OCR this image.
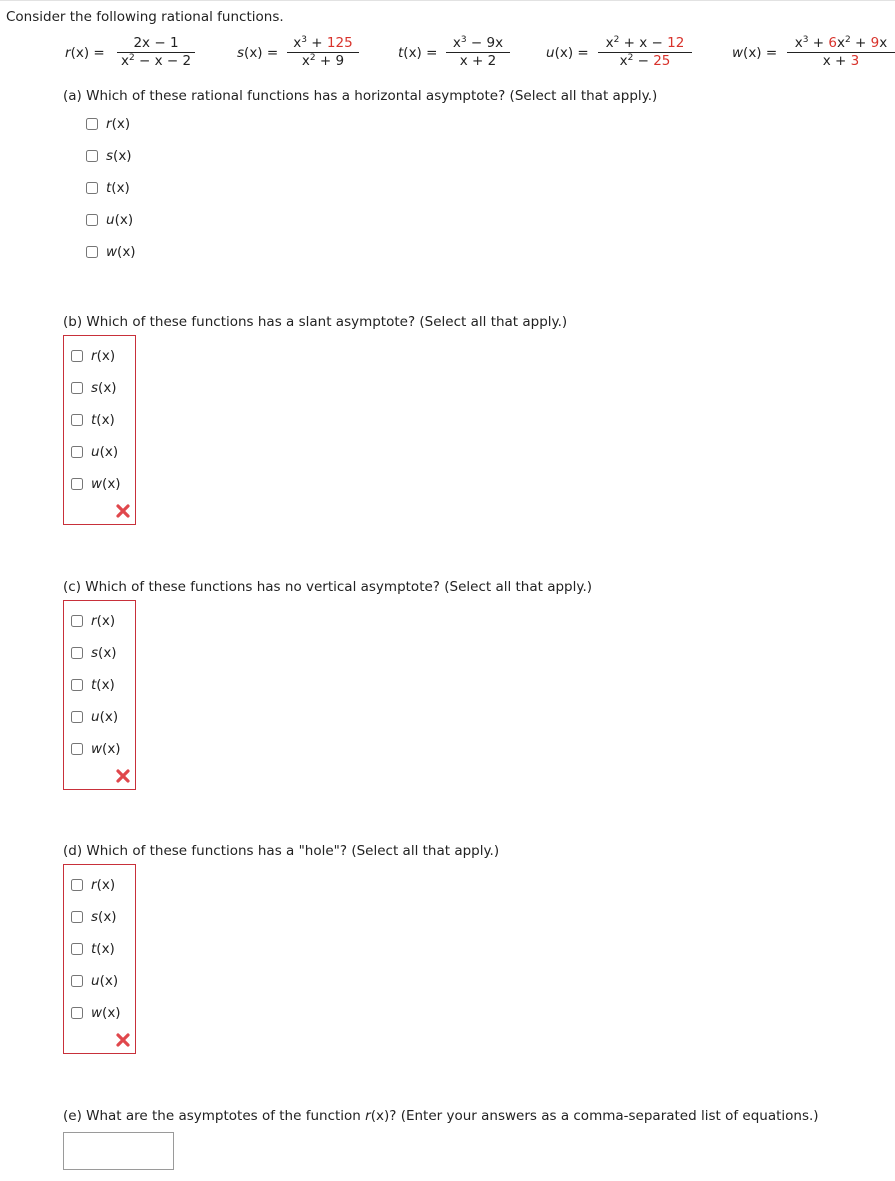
Consider the following rational functions.
$r(x) = \frac{2x - 1}{x^2 - x - 2}$	$s(x) = \frac{x^3 + 125}{x^2 + 9}$	$t(x) = \frac{x^3 - 9x}{x + 2}$	$u(x) = \frac{x^2 + x - 12}{x^2 - 25}$	$w(x) = \frac{x^3 + 6x^2 + 9x}{x + 3}$
(a) Which of these rational functions has a horizontal asymptote? (Select all that apply.)
r(x)
s(x)
t(x)
u(x)
w(x)
(b) Which of these functions has a slant asymptote? (Select all that apply.)
r(x)
s(x)
t(x)
u(x)
w(x)
(c) Which of these functions has no vertical asymptote? (Select all that apply.)
r(x)
s(x)
t(x)
u(x)
w(x)
(d) Which of these functions has a "hole"? (Select all that apply.)
r(x)
s(x)
t(x)
u(x)
w(x)
(e) What are the asymptotes of the function r(x)? (Enter your answers as a comma-separated list of equations.)
